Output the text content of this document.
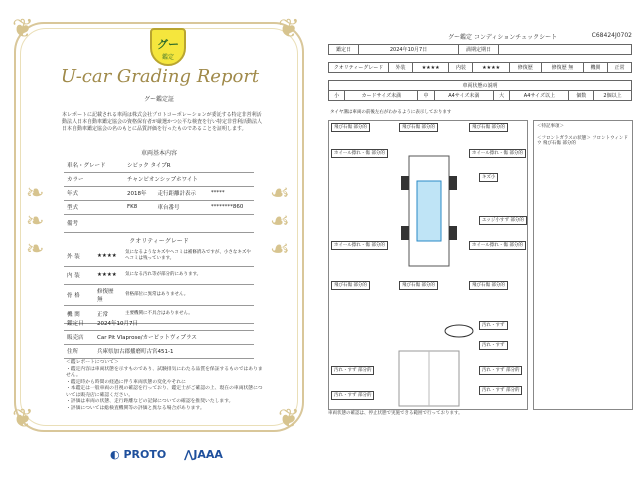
❦	❦
❦	❦
❧
❧
❧
☙
☙
☙
グー
鑑定
U-car Grading Report
グー鑑定証
本レポートに記載される車両は株式会社プロトコーポレーションが委託する特定非営利活動法人日本自動車鑑定協会の資格保有者が厳選かつ公平な検査を行い特定非営利活動法人日本自動車鑑定協会の名のもとに品質評価を行ったものであることを証明します。
車両基本内容
車名・グレード	シビック タイプR		
カラー	チャンピオンシップホワイト		
年式	2018年	走行距離計表示	*****
型式	FK8	車台番号	********860
備考			
クオリティーグレード
外 装	★★★★	気になるようなキズやヘコミは補修済みですが、小さなキズやヘコミは残っています。
内 装	★★★★	気になる汚れ等が部分的にあります。
骨 格	修復歴 無	骨格部位に異常はありません。
機 関	正常	主要機関に不具合はありません。
鑑定日	2024年10月7日
販売店	Car Pit Vlaprose/カーピットヴィプラス
住所	兵庫県加古郡播磨町古宮451-1
＜鑑レポートについて＞
・鑑定内容は車両状態を示すものであり、試験排気にわたる品質を保証するものではありません。
・鑑定時から時間の経過に伴う車両状態の変化やそれに
・本鑑定は一般車両の目視の確認を行っており、鑑定士がご確認の上、現在の車両状態については販売店に確認ください。
・評価は車両の状態、走行距離などの記録についての確認を推奨いたします。
・評価については総検査機関等の評価と異なる場合があります。
◐ PROTO ⋀JAAA
グー鑑定 コンディションチェックシート	C68424J0702
鑑定日	2024年10月7日	満期定期日	
クオリティーグレード	外装	★★★★	内装	★★★★	修復歴	修復歴 無	機関	正常
車両状態の説明
小	カードサイズ未満	中	A4サイズ未満	大	A4サイズ以上	個数	2個以上
タイヤ溝は車両の前後左右がわかるように表示しております
飛び石傷 部分的	飛び石傷 部分的	飛び石傷 部分的
ホイール擦れ・傷 部分的	ホイール擦れ・傷 部分的
キズ小
エッジ小すず 部分的
ホイール擦れ・傷 部分的	ホイール擦れ・傷 部分的
飛び石傷 部分的	飛び石傷 部分的	飛び石傷 部分的
汚れ・すず
汚れ・すず
汚れ・すず 部分的	汚れ・すず 部分的
汚れ・すず 部分的
汚れ・すず 部分的
＜特記事項＞
＜フロントガラスの状態＞ フロントウィンドウ 飛び石傷 部分的
車両状態の確認は、停止状態で実施できる範囲で行っております。
